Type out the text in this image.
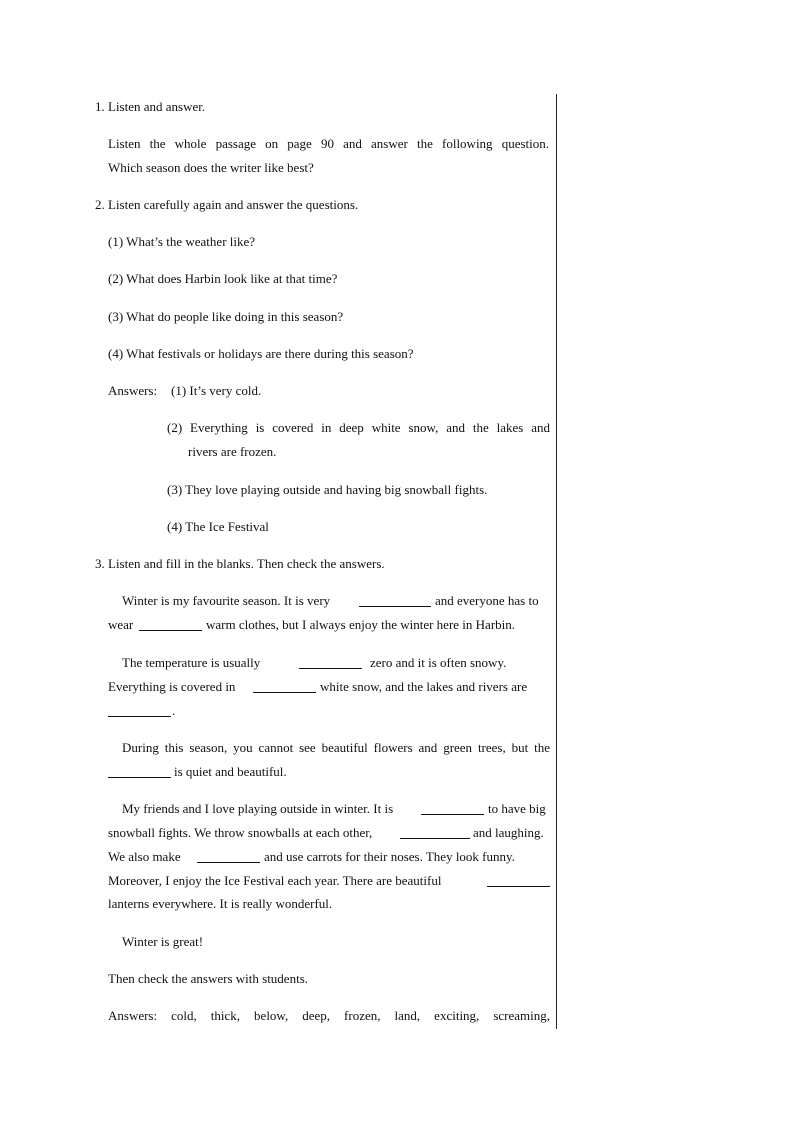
1. Listen and answer.
Listen the whole passage on page 90 and answer the following question.
Which season does the writer like best?
2. Listen carefully again and answer the questions.
(1) What’s the weather like?
(2) What does Harbin look like at that time?
(3) What do people like doing in this season?
(4) What festivals or holidays are there during this season?
Answers: (1) It’s very cold.
(2) Everything is covered in deep white snow, and the lakes and
rivers are frozen.
(3) They love playing outside and having big snowball fights.
(4) The Ice Festival
3. Listen and fill in the blanks. Then check the answers.
Winter is my favourite season. It is very	and everyone has to
wear	warm clothes, but I always enjoy the winter here in Harbin.
The temperature is usually	zero and it is often snowy.
Everything is covered in	white snow, and the lakes and rivers are
.
During this season, you cannot see beautiful flowers and green trees, but the
is quiet and beautiful.
My friends and I love playing outside in winter. It is	to have big
snowball fights. We throw snowballs at each other,	and laughing.
We also make	and use carrots for their noses. They look funny.
Moreover, I enjoy the Ice Festival each year. There are beautiful
lanterns everywhere. It is really wonderful.
Winter is great!
Then check the answers with students.
Answers: cold, thick, below, deep, frozen, land, exciting, screaming,
